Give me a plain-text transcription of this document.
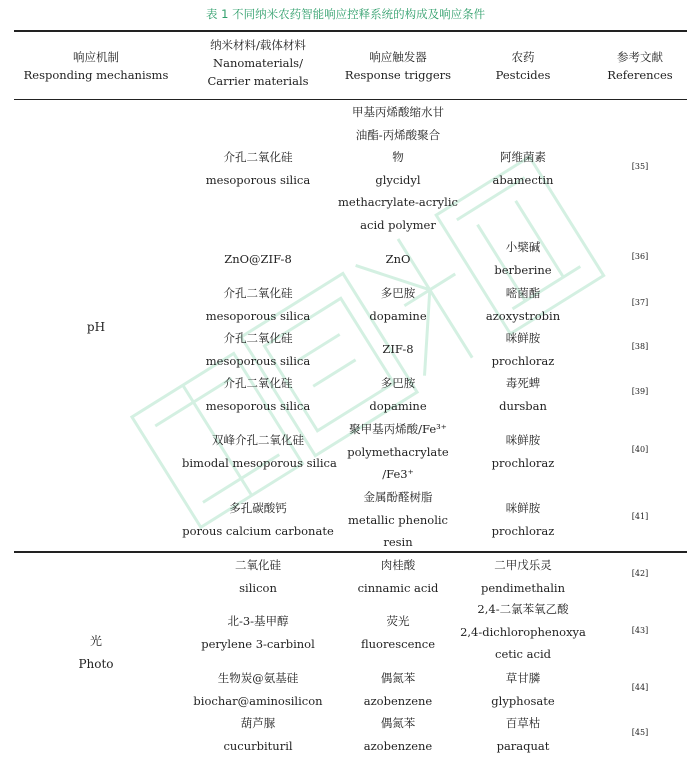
表 1 不同纳米农药智能响应控释系统的构成及响应条件
响应机制
Responding mechanisms
纳米材料/载体材料
Nanomaterials/
Carrier materials
响应触发器
Response triggers
农药
Pestcides
参考文献
References
pH
介孔二氧化硅
mesoporous silica
甲基丙烯酸缩水甘
油酯-丙烯酸聚合
物
glycidyl
methacrylate-acrylic
acid polymer
阿维菌素
abamectin
[35]
ZnO@ZIF-8	ZnO
小檗碱
berberine
[36]
介孔二氧化硅
mesoporous silica
多巴胺
dopamine
嘧菌酯
azoxystrobin
[37]
介孔二氧化硅
mesoporous silica
ZIF-8
咪鲜胺
prochloraz
[38]
介孔二氧化硅
mesoporous silica
多巴胺
dopamine
毒死蜱
dursban
[39]
双峰介孔二氧化硅
bimodal mesoporous silica
聚甲基丙烯酸/Fe³⁺
polymethacrylate
/Fe3⁺
咪鲜胺
prochloraz
[40]
多孔碳酸钙
porous calcium carbonate
金属酚醛树脂
metallic phenolic
resin
咪鲜胺
prochloraz
[41]
光
Photo
二氧化硅
silicon
肉桂酸
cinnamic acid
二甲戊乐灵
pendimethalin
[42]
北-3-基甲醇
perylene 3-carbinol
荧光
fluorescence
2,4-二氯苯氧乙酸
2,4-dichlorophenoxya
cetic acid
[43]
生物炭@氨基硅
biochar@aminosilicon
偶氮苯
azobenzene
草甘膦
glyphosate
[44]
葫芦脲
cucurbituril
偶氮苯
azobenzene
百草枯
paraquat
[45]
